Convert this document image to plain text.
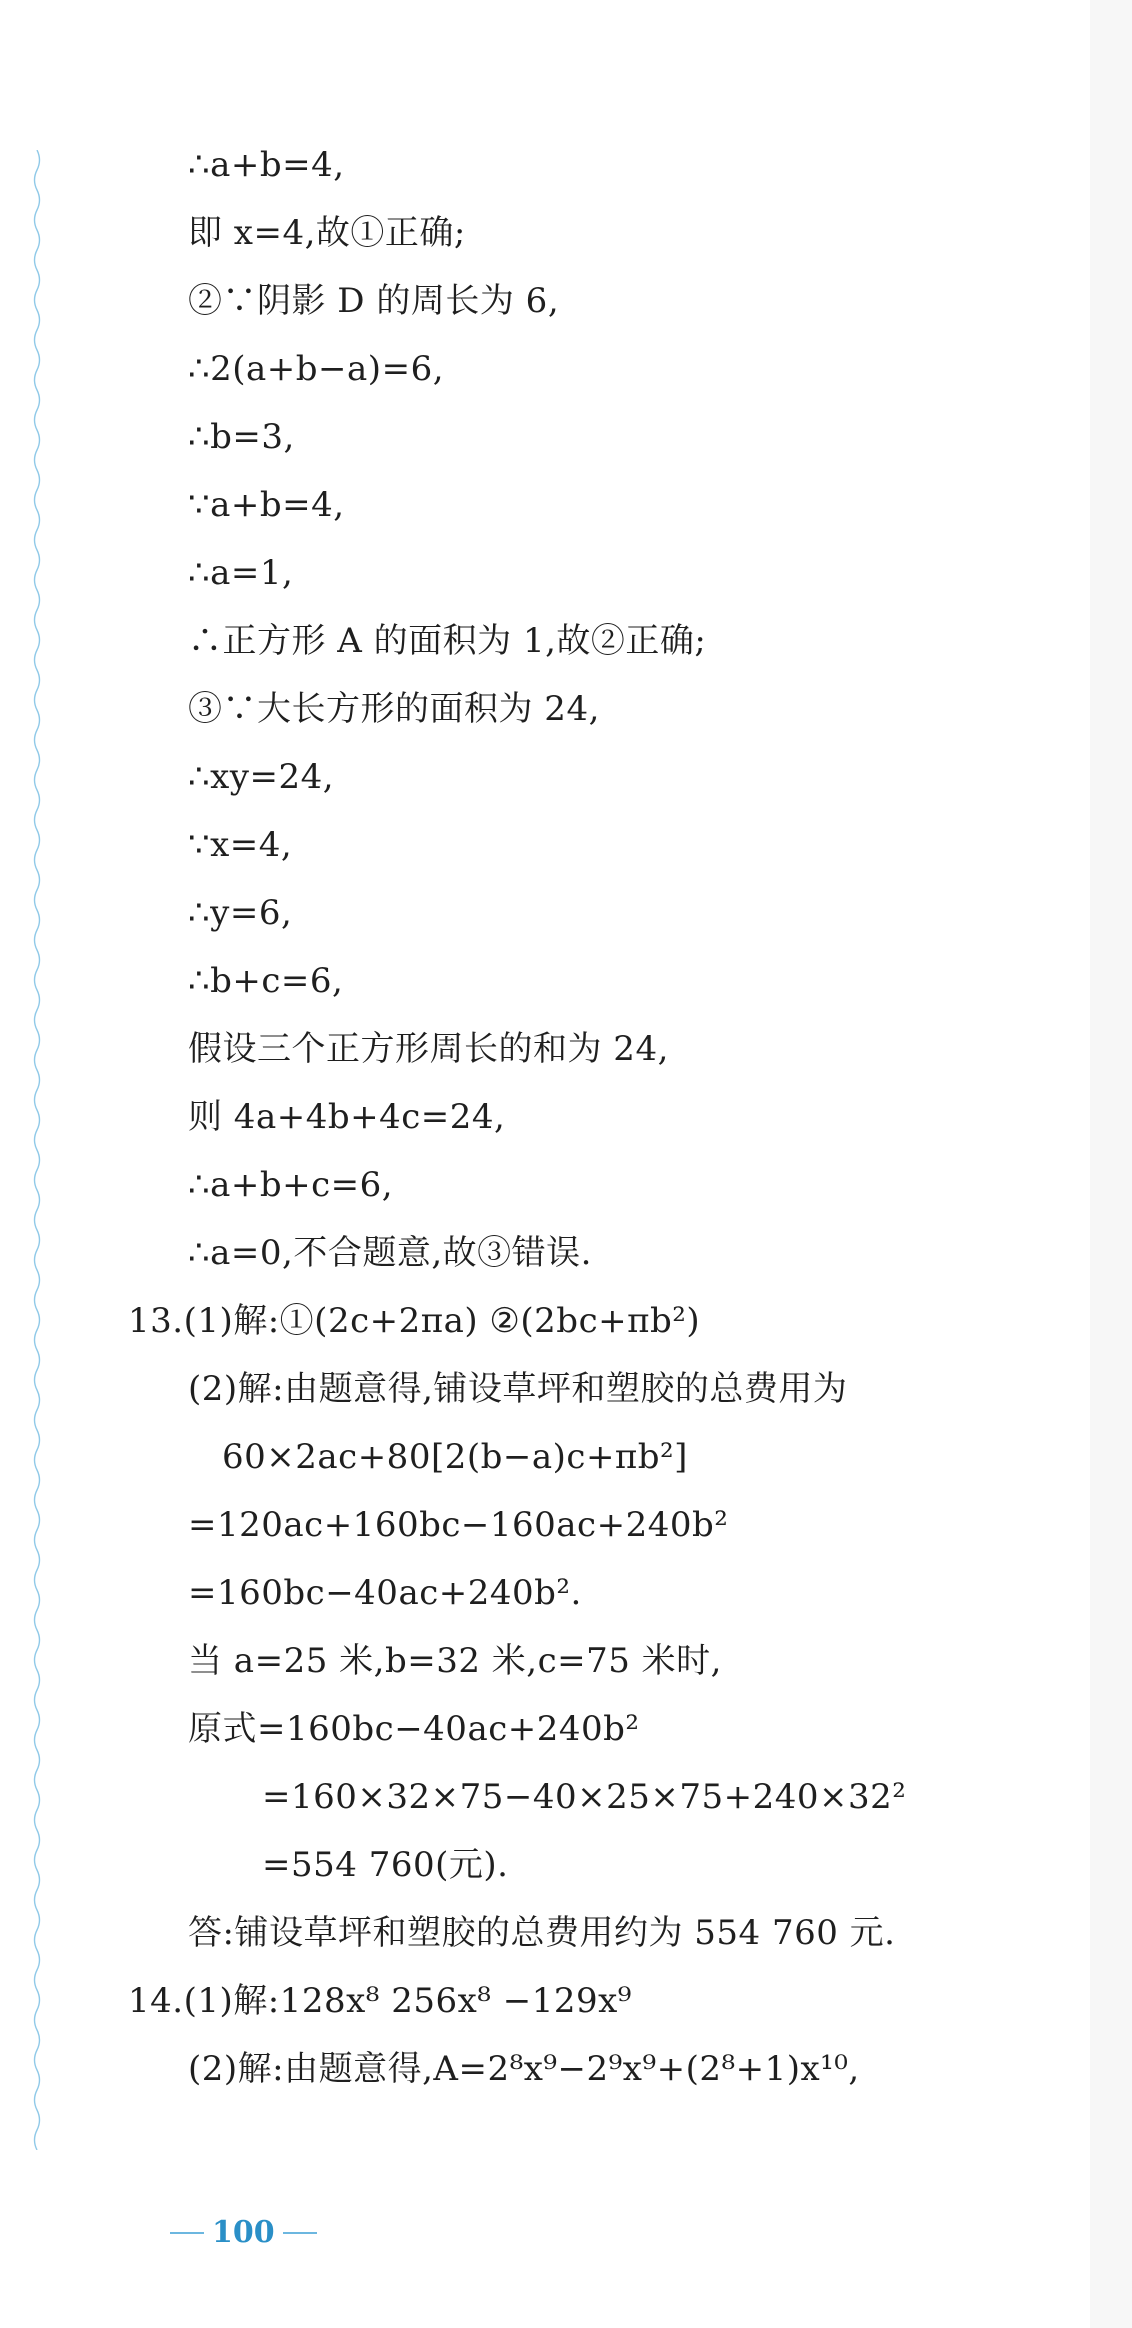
∴a+b=4,
即 x=4,故①正确;
②∵阴影 D 的周长为 6,
∴2(a+b−a)=6,
∴b=3,
∵a+b=4,
∴a=1,
∴正方形 A 的面积为 1,故②正确;
③∵大长方形的面积为 24,
∴xy=24,
∵x=4,
∴y=6,
∴b+c=6,
假设三个正方形周长的和为 24,
则 4a+4b+4c=24,
∴a+b+c=6,
∴a=0,不合题意,故③错误.
13.(1)解:①(2c+2πa) ②(2bc+πb²)
(2)解:由题意得,铺设草坪和塑胶的总费用为
60×2ac+80[2(b−a)c+πb²]
=120ac+160bc−160ac+240b²
=160bc−40ac+240b².
当 a=25 米,b=32 米,c=75 米时,
原式=160bc−40ac+240b²
=160×32×75−40×25×75+240×32²
=554 760(元).
答:铺设草坪和塑胶的总费用约为 554 760 元.
14.(1)解:128x⁸ 256x⁸ −129x⁹
(2)解:由题意得,A=2⁸x⁹−2⁹x⁹+(2⁸+1)x¹⁰,
100
